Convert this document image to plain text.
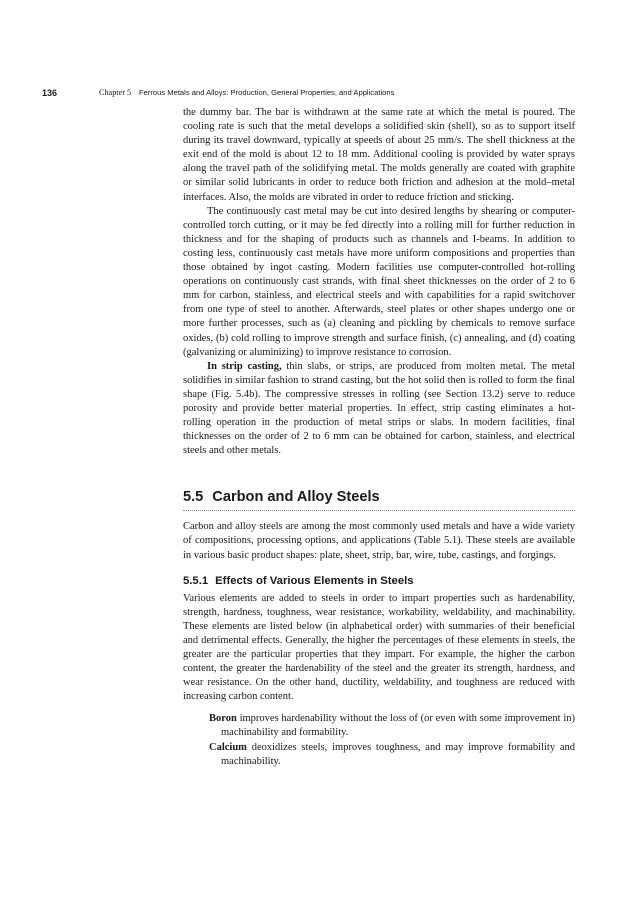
136	Chapter 5 Ferrous Metals and Alloys: Production, General Properties, and Applications

the dummy bar. The bar is withdrawn at the same rate at which the metal is poured. The cooling rate is such that the metal develops a solidified skin (shell), so as to support itself during its travel downward, typically at speeds of about 25 mm/s. The shell thickness at the exit end of the mold is about 12 to 18 mm. Additional cooling is provided by water sprays along the travel path of the solidifying metal. The molds generally are coated with graphite or similar solid lubricants in order to reduce both friction and adhesion at the mold–metal interfaces. Also, the molds are vibrated in order to reduce friction and sticking.

The continuously cast metal may be cut into desired lengths by shearing or computer-controlled torch cutting, or it may be fed directly into a rolling mill for further reduction in thickness and for the shaping of products such as channels and I-beams. In addition to costing less, continuously cast metals have more uniform compositions and properties than those obtained by ingot casting. Modern facilities use computer-controlled hot-rolling operations on continuously cast strands, with final sheet thicknesses on the order of 2 to 6 mm for carbon, stainless, and electrical steels and with capabilities for a rapid switchover from one type of steel to another. Afterwards, steel plates or other shapes undergo one or more further processes, such as (a) cleaning and pickling by chemicals to remove surface oxides, (b) cold rolling to improve strength and surface finish, (c) annealing, and (d) coating (galvanizing or aluminizing) to improve resistance to corrosion.

In strip casting, thin slabs, or strips, are produced from molten metal. The metal solidifies in similar fashion to strand casting, but the hot solid then is rolled to form the final shape (Fig. 5.4b). The compressive stresses in rolling (see Section 13.2) serve to reduce porosity and provide better material properties. In effect, strip casting eliminates a hot-rolling operation in the production of metal strips or slabs. In modern facilities, final thicknesses on the order of 2 to 6 mm can be obtained for carbon, stainless, and electrical steels and other metals.

5.5 Carbon and Alloy Steels

Carbon and alloy steels are among the most commonly used metals and have a wide variety of compositions, processing options, and applications (Table 5.1). These steels are available in various basic product shapes: plate, sheet, strip, bar, wire, tube, castings, and forgings.

5.5.1 Effects of Various Elements in Steels

Various elements are added to steels in order to impart properties such as hardenability, strength, hardness, toughness, wear resistance, workability, weldability, and machinability. These elements are listed below (in alphabetical order) with summaries of their beneficial and detrimental effects. Generally, the higher the percentages of these elements in steels, the greater are the particular properties that they impart. For example, the higher the carbon content, the greater the hardenability of the steel and the greater its strength, hardness, and wear resistance. On the other hand, ductility, weldability, and toughness are reduced with increasing carbon content.

Boron improves hardenability without the loss of (or even with some improvement in) machinability and formability.

Calcium deoxidizes steels, improves toughness, and may improve formability and machinability.
